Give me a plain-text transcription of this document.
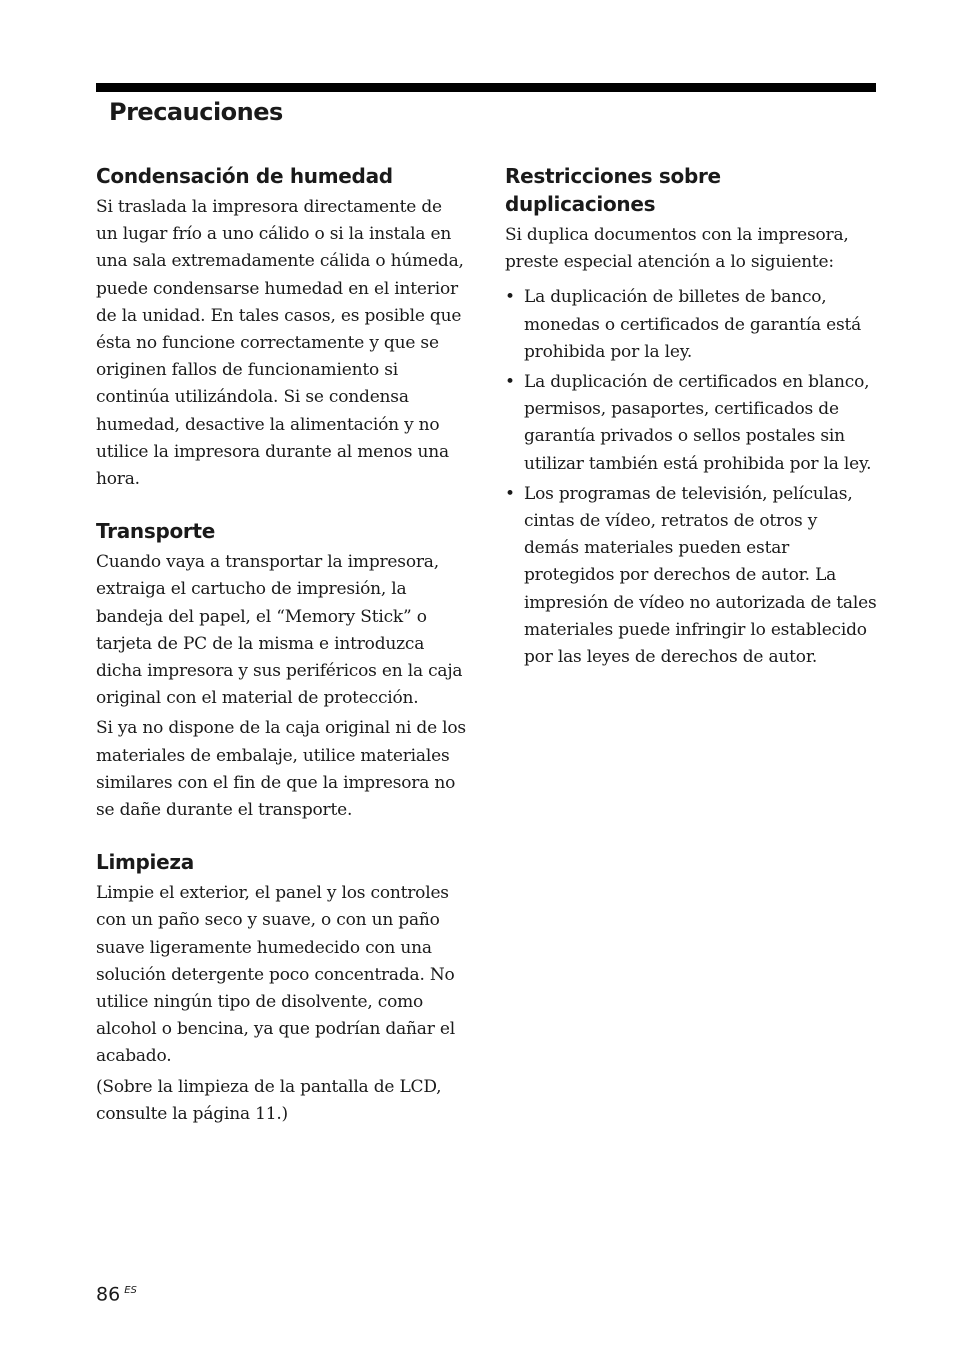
Precauciones
Condensación de humedad

Si traslada la impresora directamente de un lugar frío a uno cálido o si la instala en una sala extremadamente cálida o húmeda, puede condensarse humedad en el interior de la unidad. En tales casos, es posible que ésta no funcione correctamente y que se originen fallos de funcionamiento si continúa utilizándola. Si se condensa humedad, desactive la alimentación y no utilice la impresora durante al menos una hora.

Transporte

Cuando vaya a transportar la impresora, extraiga el cartucho de impresión, la bandeja del papel, el “Memory Stick” o tarjeta de PC de la misma e introduzca dicha impresora y sus periféricos en la caja original con el material de protección.

Si ya no dispone de la caja original ni de los materiales de embalaje, utilice materiales similares con el fin de que la impresora no se dañe durante el transporte.

Limpieza

Limpie el exterior, el panel y los controles con un paño seco y suave, o con un paño suave ligeramente humedecido con una solución detergente poco concentrada. No utilice ningún tipo de disolvente, como alcohol o bencina, ya que podrían dañar el acabado.

(Sobre la limpieza de la pantalla de LCD, consulte la página 11.)

Restricciones sobre duplicaciones

Si duplica documentos con la impresora, preste especial atención a lo siguiente:

• La duplicación de billetes de banco, monedas o certificados de garantía está prohibida por la ley.
• La duplicación de certificados en blanco, permisos, pasaportes, certificados de garantía privados o sellos postales sin utilizar también está prohibida por la ley.
• Los programas de televisión, películas, cintas de vídeo, retratos de otros y demás materiales pueden estar protegidos por derechos de autor. La impresión de vídeo no autorizada de tales materiales puede infringir lo establecido por las leyes de derechos de autor.
86 $^{ES}$
